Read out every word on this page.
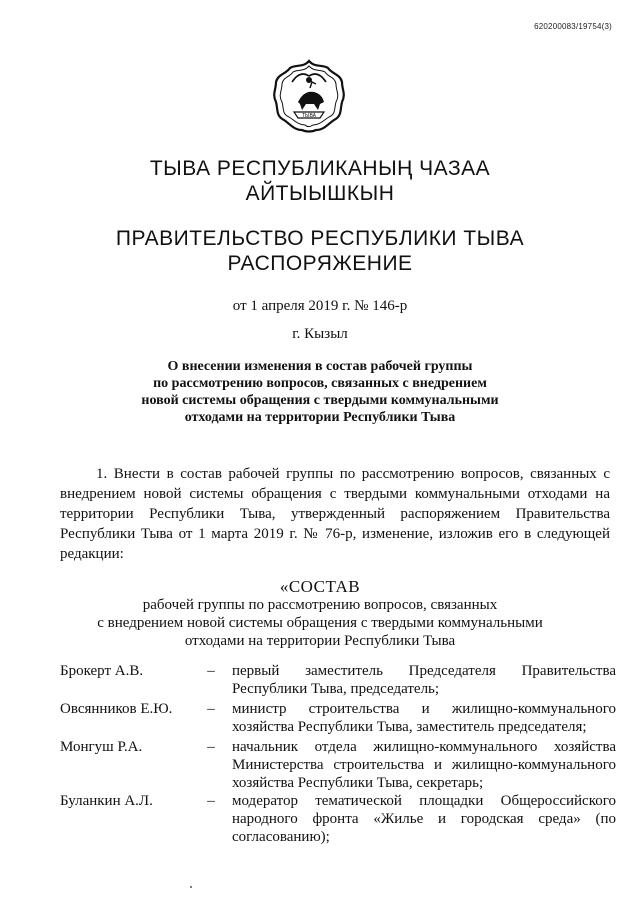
620200083/19754(3)
ТЫВА
ТЫВА РЕСПУБЛИКАНЫҢ ЧАЗАА
АЙТЫЫШКЫН
ПРАВИТЕЛЬСТВО РЕСПУБЛИКИ ТЫВА
РАСПОРЯЖЕНИЕ
от 1 апреля 2019 г. № 146-р
г. Кызыл
О внесении изменения в состав рабочей группы
по рассмотрению вопросов, связанных с внедрением
новой системы обращения с твердыми коммунальными
отходами на территории Республики Тыва
1. Внести в состав рабочей группы по рассмотрению вопросов, связанных с внедрением новой системы обращения с твердыми коммунальными отходами на территории Республики Тыва, утвержденный распоряжением Правительства Республики Тыва от 1 марта 2019 г. № 76-р, изменение, изложив его в следующей редакции:
«СОСТАВ
рабочей группы по рассмотрению вопросов, связанных
с внедрением новой системы обращения с твердыми коммунальными
отходами на территории Республики Тыва
Брокерт А.В.	–	первый заместитель Председателя Правительства Республики Тыва, председатель;
Овсянников Е.Ю.	–	министр строительства и жилищно-коммунального хозяйства Республики Тыва, заместитель председателя;
Монгуш Р.А.	–	начальник отдела жилищно-коммунального хозяйства Министерства строительства и жилищно-коммунального хозяйства Республики Тыва, секретарь;
Буланкин А.Л.	–	модератор тематической площадки Общероссийского народного фронта «Жилье и городская среда» (по согласованию);
